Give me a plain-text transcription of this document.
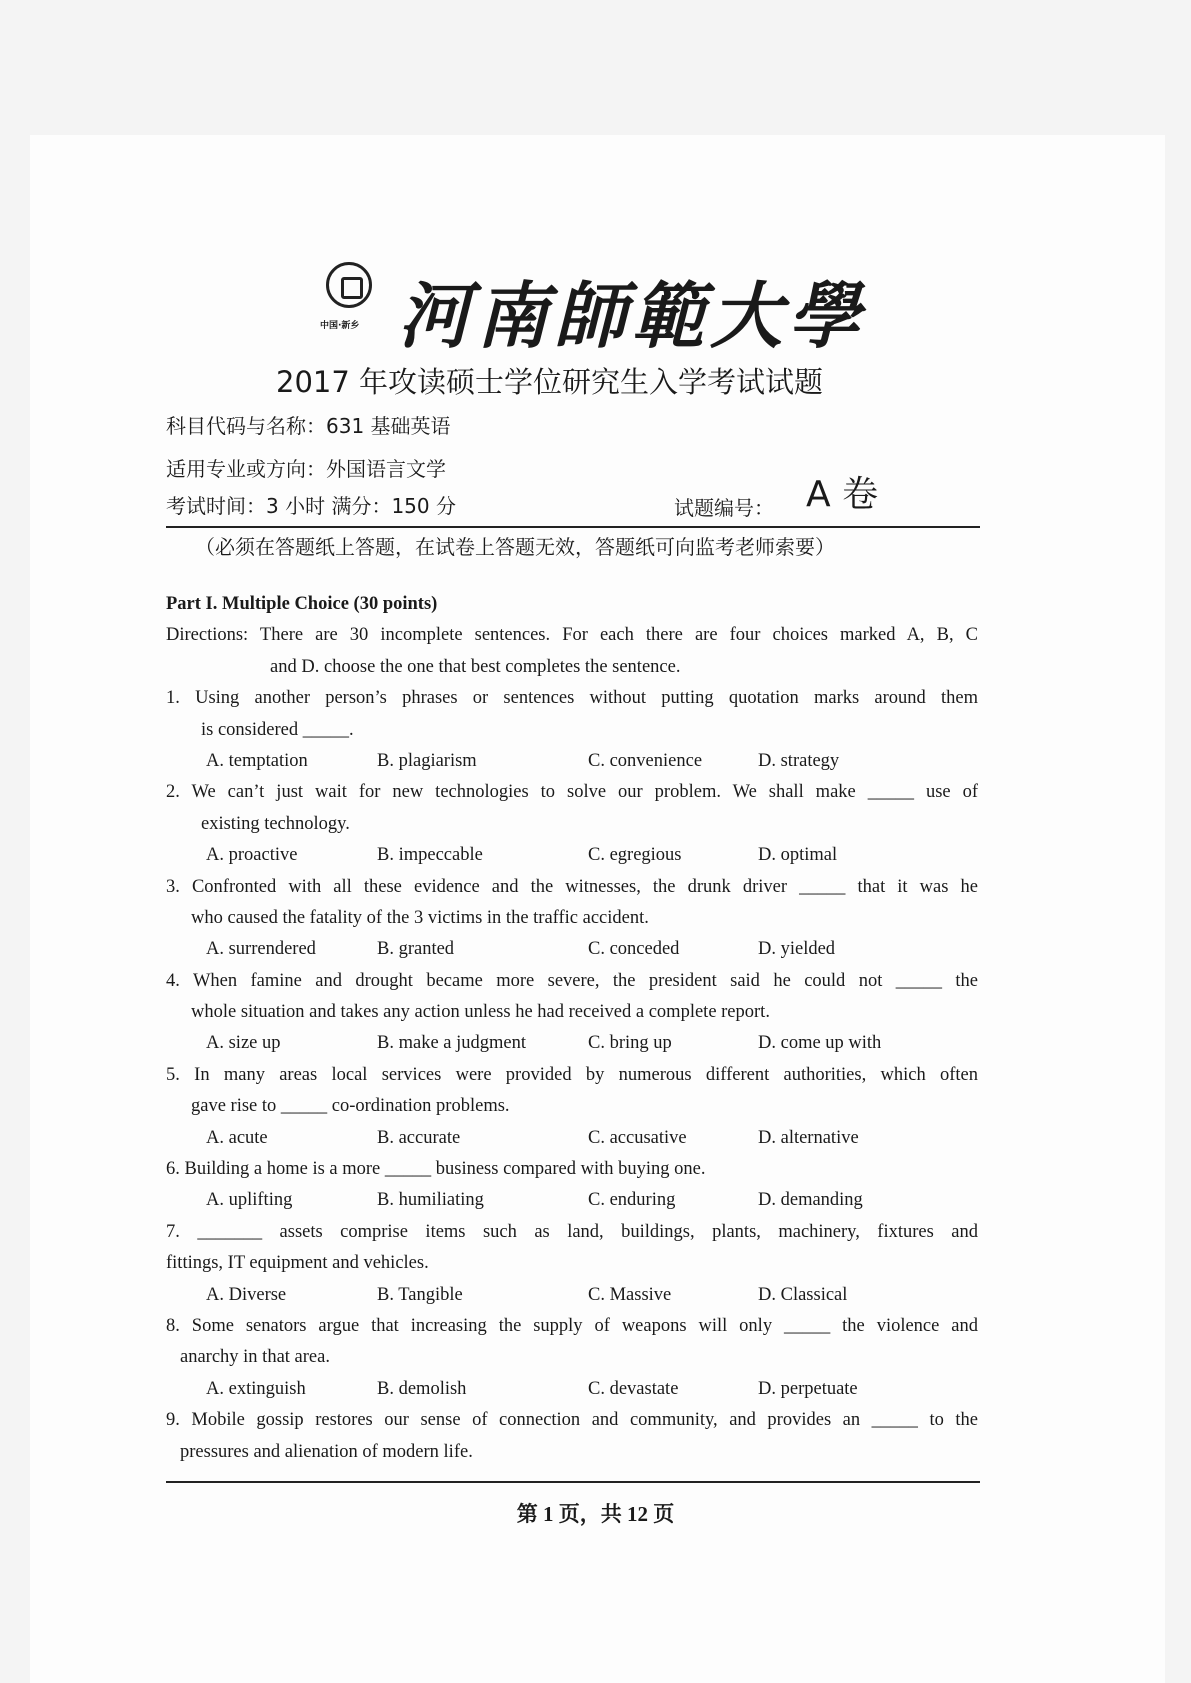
中国·新乡 河南師範大學
2017 年攻读硕士学位研究生入学考试试题
科目代码与名称：631 基础英语
适用专业或方向：外国语言文学
考试时间：3 小时 满分：150 分	试题编号： A 卷
（必须在答题纸上答题，在试卷上答题无效，答题纸可向监考老师索要）
Part I. Multiple Choice (30 points)
Directions: There are 30 incomplete sentences. For each there are four choices marked A, B, C
and D. choose the one that best completes the sentence.
1. Using another person’s phrases or sentences without putting quotation marks around them
is considered _____.
A. temptation	B. plagiarism	C. convenience	D. strategy
2. We can’t just wait for new technologies to solve our problem. We shall make _____ use of
existing technology.
A. proactive	B. impeccable	C. egregious	D. optimal
3. Confronted with all these evidence and the witnesses, the drunk driver _____ that it was he
who caused the fatality of the 3 victims in the traffic accident.
A. surrendered	B. granted	C. conceded	D. yielded
4. When famine and drought became more severe, the president said he could not _____ the
whole situation and takes any action unless he had received a complete report.
A. size up	B. make a judgment	C. bring up	D. come up with
5. In many areas local services were provided by numerous different authorities, which often
gave rise to _____ co-ordination problems.
A. acute	B. accurate	C. accusative	D. alternative
6. Building a home is a more _____ business compared with buying one.
A. uplifting	B. humiliating	C. enduring	D. demanding
7. _______ assets comprise items such as land, buildings, plants, machinery, fixtures and
fittings, IT equipment and vehicles.
A. Diverse	B. Tangible	C. Massive	D. Classical
8. Some senators argue that increasing the supply of weapons will only _____ the violence and
anarchy in that area.
A. extinguish	B. demolish	C. devastate	D. perpetuate
9. Mobile gossip restores our sense of connection and community, and provides an _____ to the
pressures and alienation of modern life.
第 1 页，共 12 页
